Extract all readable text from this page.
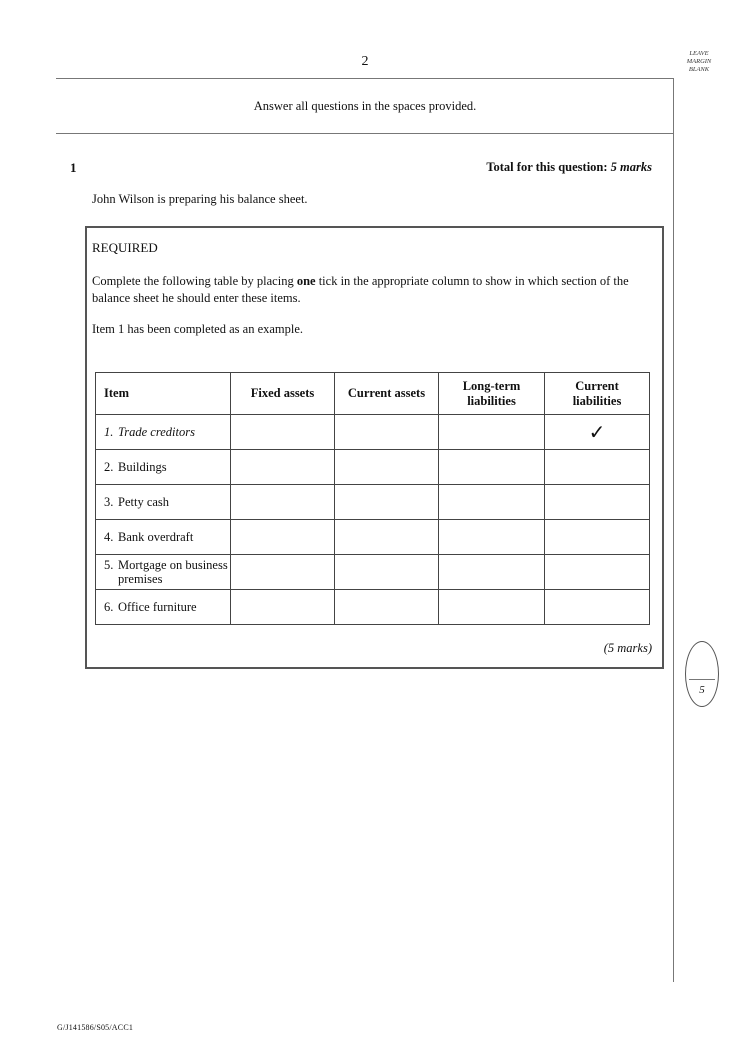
2
LEAVE
MARGIN
BLANK
Answer all questions in the spaces provided.
1	Total for this question: 5 marks
John Wilson is preparing his balance sheet.
REQUIRED
Complete the following table by placing one tick in the appropriate column to show in which section of the balance sheet he should enter these items.
Item 1 has been completed as an example.
Item	Fixed assets	Current assets	Long-term liabilities	Current liabilities
1. Trade creditors				✓
2. Buildings				
3. Petty cash				
4. Bank overdraft				
5. Mortgage on business premises				
6. Office furniture				
(5 marks)
5
G/J141586/S05/ACC1
